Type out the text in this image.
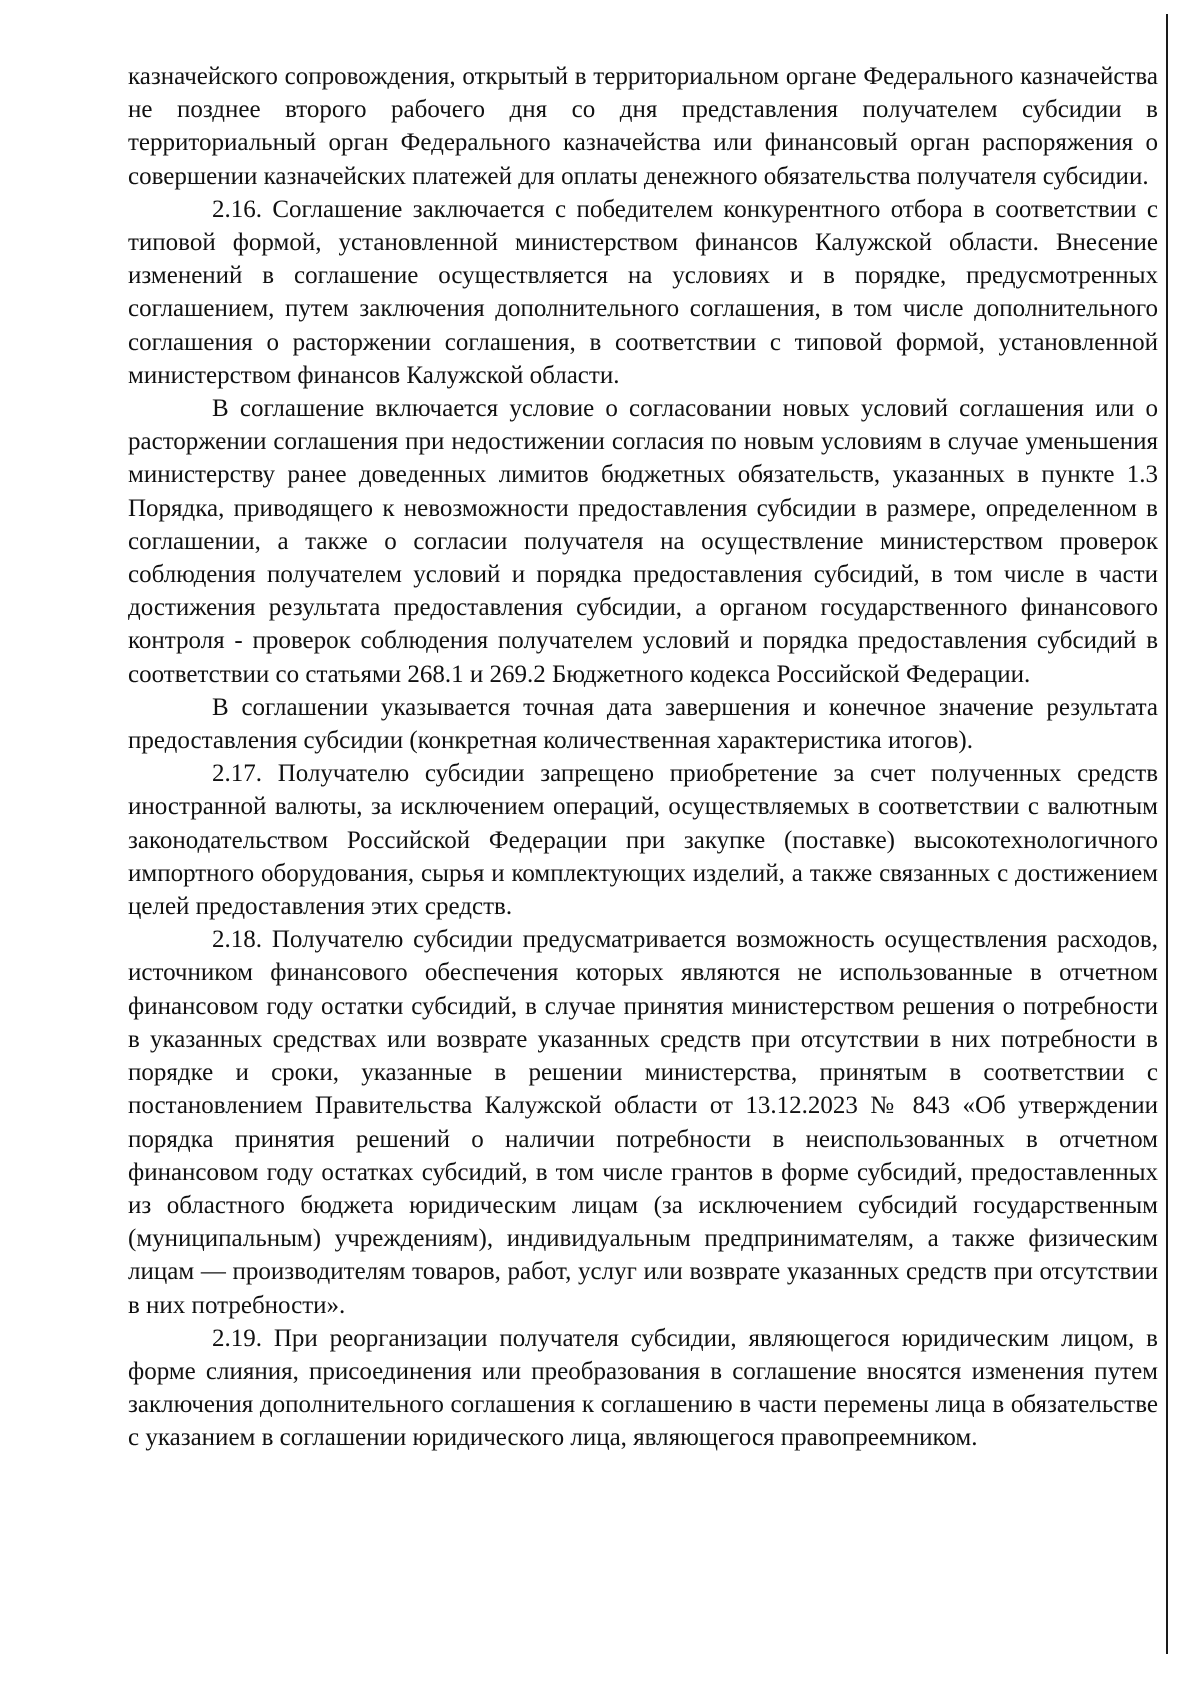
казначейского сопровождения, открытый в территориальном органе Федерального казначейства не позднее второго рабочего дня со дня представления получателем субсидии в территориальный орган Федерального казначейства или финансовый орган распоряжения о совершении казначейских платежей для оплаты денежного обязательства получателя субсидии.

2.16. Соглашение заключается с победителем конкурентного отбора в соответствии с типовой формой, установленной министерством финансов Калужской области. Внесение изменений в соглашение осуществляется на условиях и в порядке, предусмотренных соглашением, путем заключения дополнительного соглашения, в том числе дополнительного соглашения о расторжении соглашения, в соответствии с типовой формой, установленной министерством финансов Калужской области.

В соглашение включается условие о согласовании новых условий соглашения или о расторжении соглашения при недостижении согласия по новым условиям в случае уменьшения министерству ранее доведенных лимитов бюджетных обязательств, указанных в пункте 1.3 Порядка, приводящего к невозможности предоставления субсидии в размере, определенном в соглашении, а также о согласии получателя на осуществление министерством проверок соблюдения получателем условий и порядка предоставления субсидий, в том числе в части достижения результата предоставления субсидии, а органом государственного финансового контроля - проверок соблюдения получателем условий и порядка предоставления субсидий в соответствии со статьями 268.1 и 269.2 Бюджетного кодекса Российской Федерации.

В соглашении указывается точная дата завершения и конечное значение результата предоставления субсидии (конкретная количественная характеристика итогов).

2.17. Получателю субсидии запрещено приобретение за счет полученных средств иностранной валюты, за исключением операций, осуществляемых в соответствии с валютным законодательством Российской Федерации при закупке (поставке) высокотехнологичного импортного оборудования, сырья и комплектующих изделий, а также связанных с достижением целей предоставления этих средств.

2.18. Получателю субсидии предусматривается возможность осуществления расходов, источником финансового обеспечения которых являются не использованные в отчетном финансовом году остатки субсидий, в случае принятия министерством решения о потребности в указанных средствах или возврате указанных средств при отсутствии в них потребности в порядке и сроки, указанные в решении министерства, принятым в соответствии с постановлением Правительства Калужской области от 13.12.2023 № 843 «Об утверждении порядка принятия решений о наличии потребности в неиспользованных в отчетном финансовом году остатках субсидий, в том числе грантов в форме субсидий, предоставленных из областного бюджета юридическим лицам (за исключением субсидий государственным (муниципальным) учреждениям), индивидуальным предпринимателям, а также физическим лицам — производителям товаров, работ, услуг или возврате указанных средств при отсутствии в них потребности».

2.19. При реорганизации получателя субсидии, являющегося юридическим лицом, в форме слияния, присоединения или преобразования в соглашение вносятся изменения путем заключения дополнительного соглашения к соглашению в части перемены лица в обязательстве с указанием в соглашении юридического лица, являющегося правопреемником.
